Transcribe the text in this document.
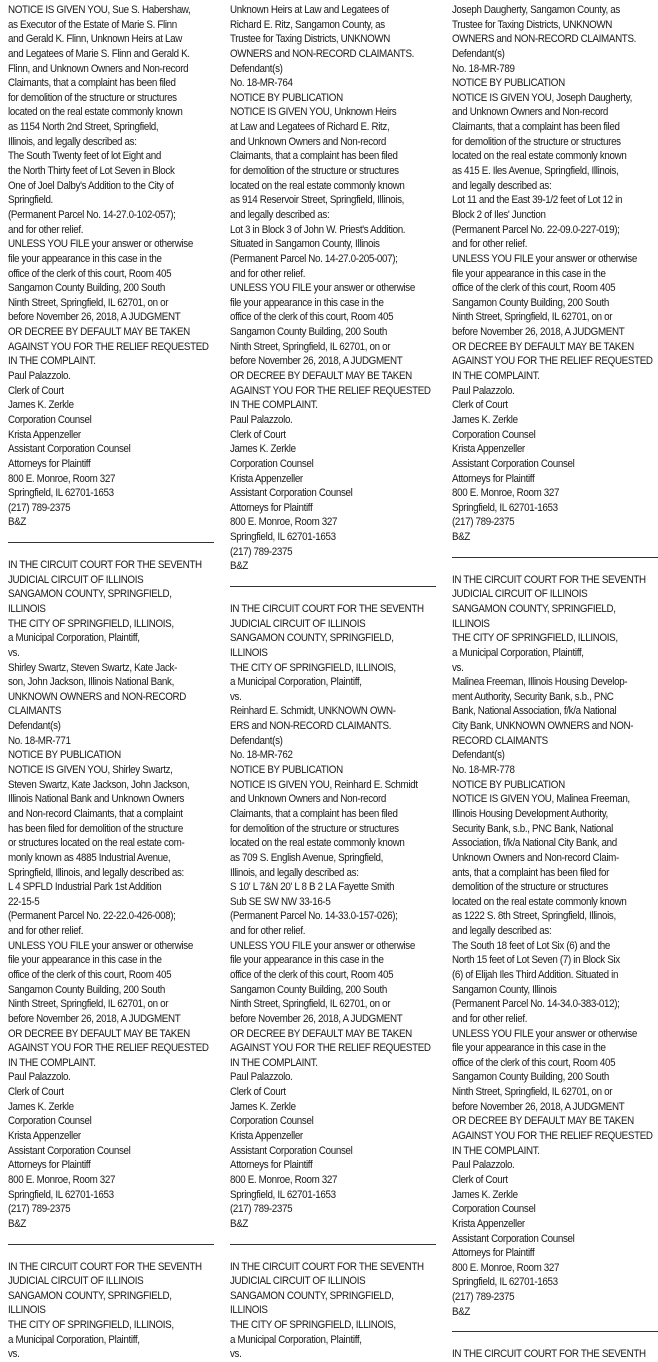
NOTICE IS GIVEN YOU, Sue S. Habershaw,
as Executor of the Estate of Marie S. Flinn
and Gerald K. Flinn, Unknown Heirs at Law
and Legatees of Marie S. Flinn and Gerald K.
Flinn, and Unknown Owners and Non-record
Claimants, that a complaint has been filed
for demolition of the structure or structures
located on the real estate commonly known
as 1154 North 2nd Street, Springfield,
Illinois, and legally described as:
The South Twenty feet of lot Eight and
the North Thirty feet of Lot Seven in Block
One of Joel Dalby's Addition to the City of
Springfield.
(Permanent Parcel No. 14-27.0-102-057);
and for other relief.
UNLESS YOU FILE your answer or otherwise
file your appearance in this case in the
office of the clerk of this court, Room 405
Sangamon County Building, 200 South
Ninth Street, Springfield, IL 62701, on or
before November 26, 2018, A JUDGMENT
OR DECREE BY DEFAULT MAY BE TAKEN
AGAINST YOU FOR THE RELIEF REQUESTED
IN THE COMPLAINT.
Paul Palazzolo.
Clerk of Court
James K. Zerkle
Corporation Counsel
Krista Appenzeller
Assistant Corporation Counsel
Attorneys for Plaintiff
800 E. Monroe, Room 327
Springfield, IL 62701-1653
(217) 789-2375
B&Z
IN THE CIRCUIT COURT FOR THE SEVENTH
JUDICIAL CIRCUIT OF ILLINOIS
SANGAMON COUNTY, SPRINGFIELD,
ILLINOIS
THE CITY OF SPRINGFIELD, ILLINOIS,
a Municipal Corporation, Plaintiff,
vs.
Shirley Swartz, Steven Swartz, Kate Jack-
son, John Jackson, Illinois National Bank,
UNKNOWN OWNERS and NON-RECORD
CLAIMANTS
Defendant(s)
No. 18-MR-771
NOTICE BY PUBLICATION
NOTICE IS GIVEN YOU, Shirley Swartz,
Steven Swartz, Kate Jackson, John Jackson,
Illinois National Bank and Unknown Owners
and Non-record Claimants, that a complaint
has been filed for demolition of the structure
or structures located on the real estate com-
monly known as 4885 Industrial Avenue,
Springfield, Illinois, and legally described as:
L 4 SPFLD Industrial Park 1st Addition
22-15-5
(Permanent Parcel No. 22-22.0-426-008);
and for other relief.
UNLESS YOU FILE your answer or otherwise
file your appearance in this case in the
office of the clerk of this court, Room 405
Sangamon County Building, 200 South
Ninth Street, Springfield, IL 62701, on or
before November 26, 2018, A JUDGMENT
OR DECREE BY DEFAULT MAY BE TAKEN
AGAINST YOU FOR THE RELIEF REQUESTED
IN THE COMPLAINT.
Paul Palazzolo.
Clerk of Court
James K. Zerkle
Corporation Counsel
Krista Appenzeller
Assistant Corporation Counsel
Attorneys for Plaintiff
800 E. Monroe, Room 327
Springfield, IL 62701-1653
(217) 789-2375
B&Z
IN THE CIRCUIT COURT FOR THE SEVENTH
JUDICIAL CIRCUIT OF ILLINOIS
SANGAMON COUNTY, SPRINGFIELD,
ILLINOIS
THE CITY OF SPRINGFIELD, ILLINOIS,
a Municipal Corporation, Plaintiff,
vs.
Unknown Heirs at Law and Legatees of
Richard E. Ritz, Sangamon County, as
Trustee for Taxing Districts, UNKNOWN
OWNERS and NON-RECORD CLAIMANTS.
Defendant(s)
No. 18-MR-764
NOTICE BY PUBLICATION
NOTICE IS GIVEN YOU, Unknown Heirs
at Law and Legatees of Richard E. Ritz,
and Unknown Owners and Non-record
Claimants, that a complaint has been filed
for demolition of the structure or structures
located on the real estate commonly known
as 914 Reservoir Street, Springfield, Illinois,
and legally described as:
Lot 3 in Block 3 of John W. Priest's Addition.
Situated in Sangamon County, Illinois
(Permanent Parcel No. 14-27.0-205-007);
and for other relief.
UNLESS YOU FILE your answer or otherwise
file your appearance in this case in the
office of the clerk of this court, Room 405
Sangamon County Building, 200 South
Ninth Street, Springfield, IL 62701, on or
before November 26, 2018, A JUDGMENT
OR DECREE BY DEFAULT MAY BE TAKEN
AGAINST YOU FOR THE RELIEF REQUESTED
IN THE COMPLAINT.
Paul Palazzolo.
Clerk of Court
James K. Zerkle
Corporation Counsel
Krista Appenzeller
Assistant Corporation Counsel
Attorneys for Plaintiff
800 E. Monroe, Room 327
Springfield, IL 62701-1653
(217) 789-2375
B&Z
IN THE CIRCUIT COURT FOR THE SEVENTH
JUDICIAL CIRCUIT OF ILLINOIS
SANGAMON COUNTY, SPRINGFIELD,
ILLINOIS
THE CITY OF SPRINGFIELD, ILLINOIS,
a Municipal Corporation, Plaintiff,
vs.
Reinhard E. Schmidt, UNKNOWN OWN-
ERS and NON-RECORD CLAIMANTS.
Defendant(s)
No. 18-MR-762
NOTICE BY PUBLICATION
NOTICE IS GIVEN YOU, Reinhard E. Schmidt
and Unknown Owners and Non-record
Claimants, that a complaint has been filed
for demolition of the structure or structures
located on the real estate commonly known
as 709 S. English Avenue, Springfield,
Illinois, and legally described as:
S 10' L 7&N 20' L 8 B 2 LA Fayette Smith
Sub SE SW NW 33-16-5
(Permanent Parcel No. 14-33.0-157-026);
and for other relief.
UNLESS YOU FILE your answer or otherwise
file your appearance in this case in the
office of the clerk of this court, Room 405
Sangamon County Building, 200 South
Ninth Street, Springfield, IL 62701, on or
before November 26, 2018, A JUDGMENT
OR DECREE BY DEFAULT MAY BE TAKEN
AGAINST YOU FOR THE RELIEF REQUESTED
IN THE COMPLAINT.
Paul Palazzolo.
Clerk of Court
James K. Zerkle
Corporation Counsel
Krista Appenzeller
Assistant Corporation Counsel
Attorneys for Plaintiff
800 E. Monroe, Room 327
Springfield, IL 62701-1653
(217) 789-2375
B&Z
IN THE CIRCUIT COURT FOR THE SEVENTH
JUDICIAL CIRCUIT OF ILLINOIS
SANGAMON COUNTY, SPRINGFIELD,
ILLINOIS
THE CITY OF SPRINGFIELD, ILLINOIS,
a Municipal Corporation, Plaintiff,
vs.
Joseph Daugherty, Sangamon County, as
Trustee for Taxing Districts, UNKNOWN
OWNERS and NON-RECORD CLAIMANTS.
Defendant(s)
No. 18-MR-789
NOTICE BY PUBLICATION
NOTICE IS GIVEN YOU, Joseph Daugherty,
and Unknown Owners and Non-record
Claimants, that a complaint has been filed
for demolition of the structure or structures
located on the real estate commonly known
as 415 E. Iles Avenue, Springfield, Illinois,
and legally described as:
Lot 11 and the East 39-1/2 feet of Lot 12 in
Block 2 of Iles' Junction
(Permanent Parcel No. 22-09.0-227-019);
and for other relief.
UNLESS YOU FILE your answer or otherwise
file your appearance in this case in the
office of the clerk of this court, Room 405
Sangamon County Building, 200 South
Ninth Street, Springfield, IL 62701, on or
before November 26, 2018, A JUDGMENT
OR DECREE BY DEFAULT MAY BE TAKEN
AGAINST YOU FOR THE RELIEF REQUESTED
IN THE COMPLAINT.
Paul Palazzolo.
Clerk of Court
James K. Zerkle
Corporation Counsel
Krista Appenzeller
Assistant Corporation Counsel
Attorneys for Plaintiff
800 E. Monroe, Room 327
Springfield, IL 62701-1653
(217) 789-2375
B&Z
IN THE CIRCUIT COURT FOR THE SEVENTH
JUDICIAL CIRCUIT OF ILLINOIS
SANGAMON COUNTY, SPRINGFIELD,
ILLINOIS
THE CITY OF SPRINGFIELD, ILLINOIS,
a Municipal Corporation, Plaintiff,
vs.
Malinea Freeman, Illinois Housing Develop-
ment Authority, Security Bank, s.b., PNC
Bank, National Association, f/k/a National
City Bank, UNKNOWN OWNERS and NON-
RECORD CLAIMANTS
Defendant(s)
No. 18-MR-778
NOTICE BY PUBLICATION
NOTICE IS GIVEN YOU, Malinea Freeman,
Illinois Housing Development Authority,
Security Bank, s.b., PNC Bank, National
Association, f/k/a National City Bank, and
Unknown Owners and Non-record Claim-
ants, that a complaint has been filed for
demolition of the structure or structures
located on the real estate commonly known
as 1222 S. 8th Street, Springfield, Illinois,
and legally described as:
The South 18 feet of Lot Six (6) and the
North 15 feet of Lot Seven (7) in Block Six
(6) of Elijah Iles Third Addition. Situated in
Sangamon County, Illinois
(Permanent Parcel No. 14-34.0-383-012);
and for other relief.
UNLESS YOU FILE your answer or otherwise
file your appearance in this case in the
office of the clerk of this court, Room 405
Sangamon County Building, 200 South
Ninth Street, Springfield, IL 62701, on or
before November 26, 2018, A JUDGMENT
OR DECREE BY DEFAULT MAY BE TAKEN
AGAINST YOU FOR THE RELIEF REQUESTED
IN THE COMPLAINT.
Paul Palazzolo.
Clerk of Court
James K. Zerkle
Corporation Counsel
Krista Appenzeller
Assistant Corporation Counsel
Attorneys for Plaintiff
800 E. Monroe, Room 327
Springfield, IL 62701-1653
(217) 789-2375
B&Z
IN THE CIRCUIT COURT FOR THE SEVENTH
